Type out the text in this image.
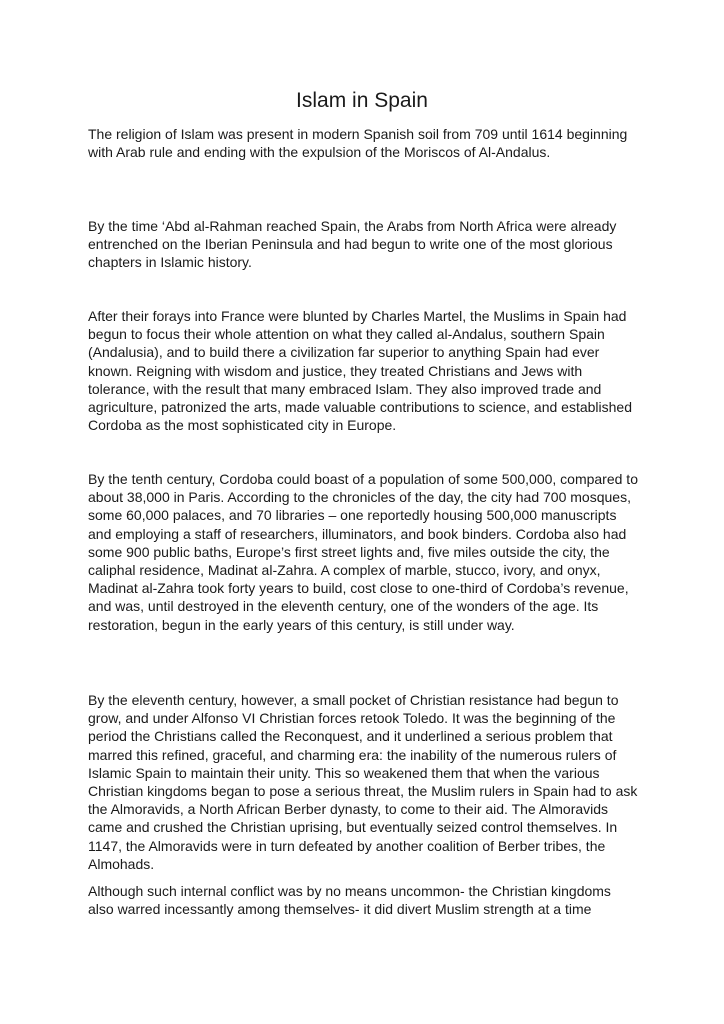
Islam in Spain

The religion of Islam was present in modern Spanish soil from 709 until 1614 beginning with Arab rule and ending with the expulsion of the Moriscos of Al-Andalus.

By the time ‘Abd al-Rahman reached Spain, the Arabs from North Africa were already entrenched on the Iberian Peninsula and had begun to write one of the most glorious chapters in Islamic history.

After their forays into France were blunted by Charles Martel, the Muslims in Spain had begun to focus their whole attention on what they called al-Andalus, southern Spain (Andalusia), and to build there a civilization far superior to anything Spain had ever known. Reigning with wisdom and justice, they treated Christians and Jews with tolerance, with the result that many embraced Islam. They also improved trade and agriculture, patronized the arts, made valuable contributions to science, and established Cordoba as the most sophisticated city in Europe.

By the tenth century, Cordoba could boast of a population of some 500,000, compared to about 38,000 in Paris. According to the chronicles of the day, the city had 700 mosques, some 60,000 palaces, and 70 libraries – one reportedly housing 500,000 manuscripts and employing a staff of researchers, illuminators, and book binders. Cordoba also had some 900 public baths, Europe’s first street lights and, five miles outside the city, the caliphal residence, Madinat al-Zahra. A complex of marble, stucco, ivory, and onyx, Madinat al-Zahra took forty years to build, cost close to one-third of Cordoba’s revenue, and was, until destroyed in the eleventh century, one of the wonders of the age. Its restoration, begun in the early years of this century, is still under way.

By the eleventh century, however, a small pocket of Christian resistance had begun to grow, and under Alfonso VI Christian forces retook Toledo. It was the beginning of the period the Christians called the Reconquest, and it underlined a serious problem that marred this refined, graceful, and charming era: the inability of the numerous rulers of Islamic Spain to maintain their unity. This so weakened them that when the various Christian kingdoms began to pose a serious threat, the Muslim rulers in Spain had to ask the Almoravids, a North African Berber dynasty, to come to their aid. The Almoravids came and crushed the Christian uprising, but eventually seized control themselves. In 1147, the Almoravids were in turn defeated by another coalition of Berber tribes, the Almohads.

Although such internal conflict was by no means uncommon- the Christian kingdoms also warred incessantly among themselves- it did divert Muslim strength at a time
